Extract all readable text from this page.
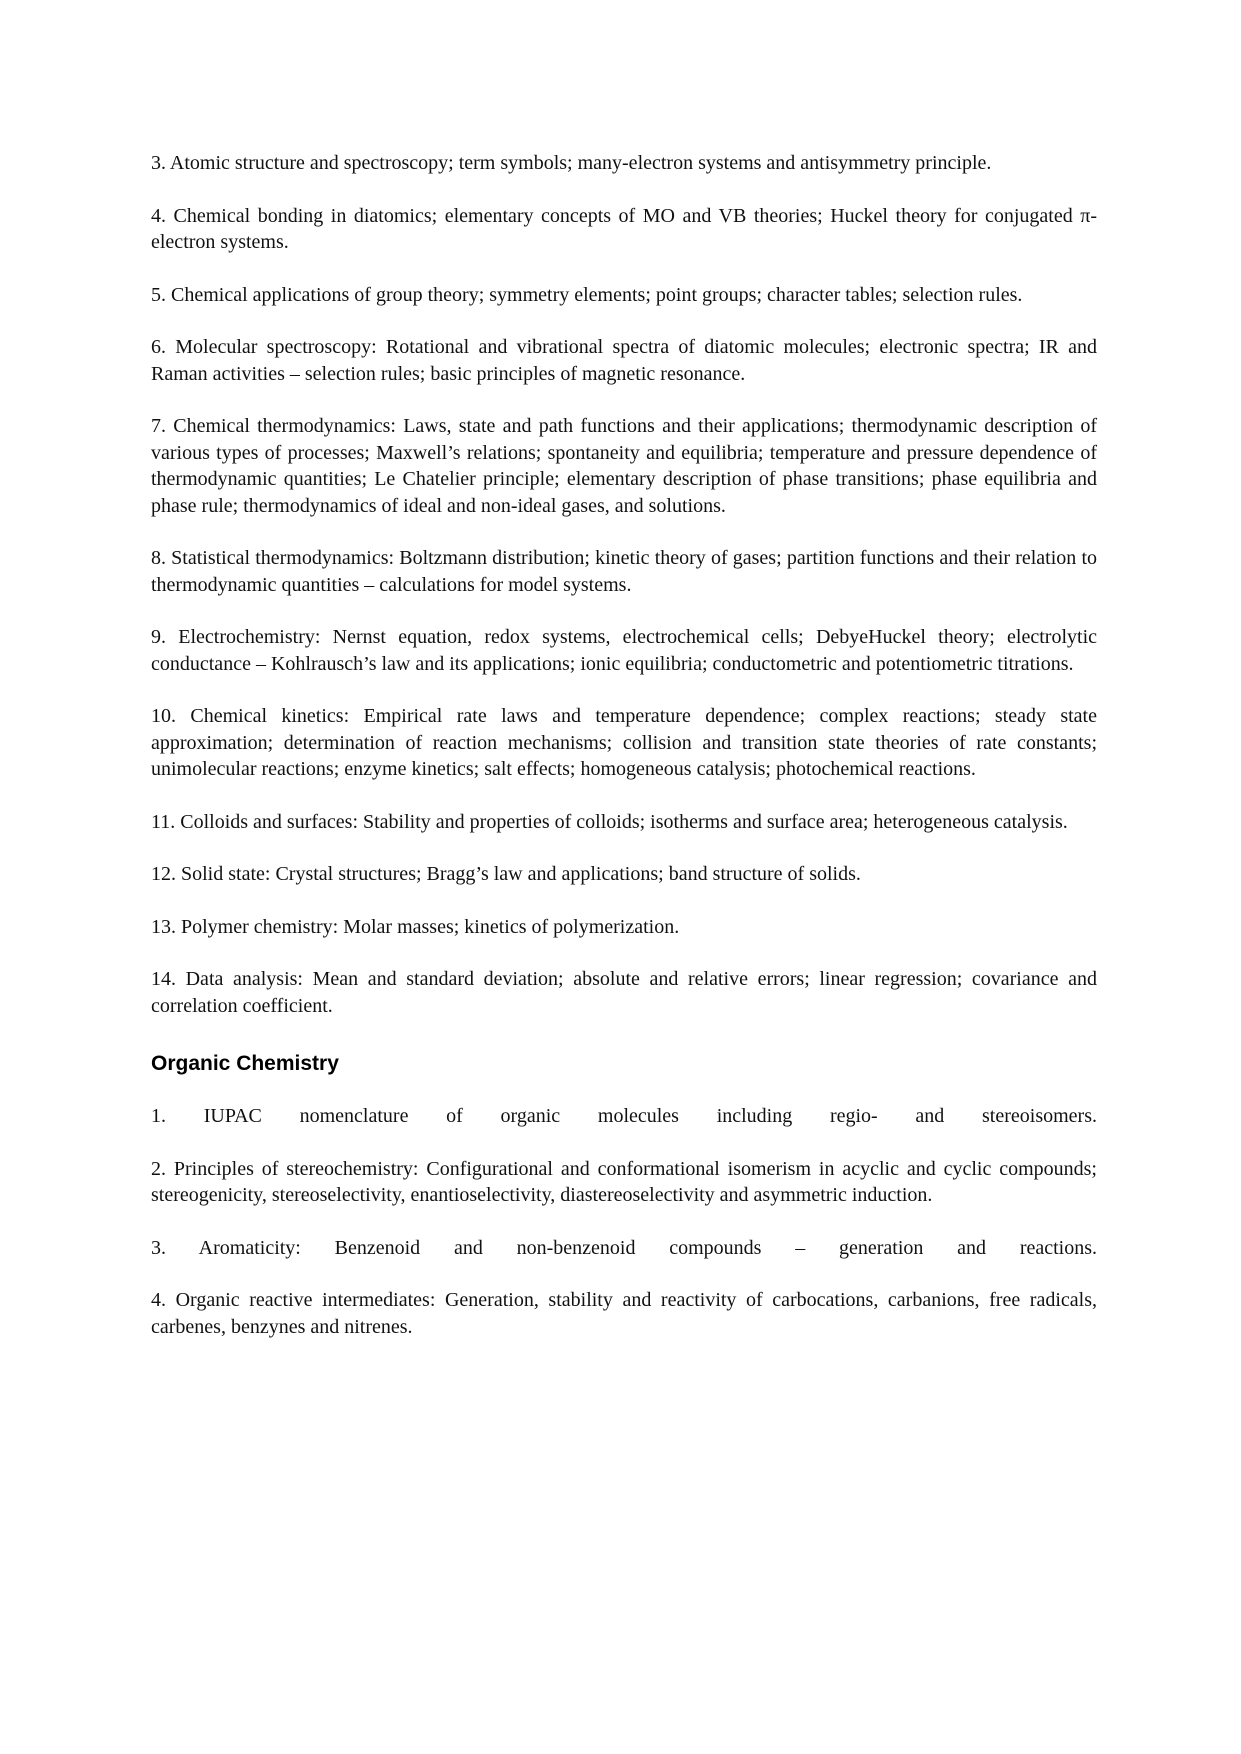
3. Atomic structure and spectroscopy; term symbols; many-electron systems and antisymmetry principle.

4. Chemical bonding in diatomics; elementary concepts of MO and VB theories; Huckel theory for conjugated π-electron systems.

5. Chemical applications of group theory; symmetry elements; point groups; character tables; selection rules.

6. Molecular spectroscopy: Rotational and vibrational spectra of diatomic molecules; electronic spectra; IR and Raman activities – selection rules; basic principles of magnetic resonance.

7. Chemical thermodynamics: Laws, state and path functions and their applications; thermodynamic description of various types of processes; Maxwell’s relations; spontaneity and equilibria; temperature and pressure dependence of thermodynamic quantities; Le Chatelier principle; elementary description of phase transitions; phase equilibria and phase rule; thermodynamics of ideal and non-ideal gases, and solutions.

8. Statistical thermodynamics: Boltzmann distribution; kinetic theory of gases; partition functions and their relation to thermodynamic quantities – calculations for model systems.

9. Electrochemistry: Nernst equation, redox systems, electrochemical cells; DebyeHuckel theory; electrolytic conductance – Kohlrausch’s law and its applications; ionic equilibria; conductometric and potentiometric titrations.

10. Chemical kinetics: Empirical rate laws and temperature dependence; complex reactions; steady state approximation; determination of reaction mechanisms; collision and transition state theories of rate constants; unimolecular reactions; enzyme kinetics; salt effects; homogeneous catalysis; photochemical reactions.

11. Colloids and surfaces: Stability and properties of colloids; isotherms and surface area; heterogeneous catalysis.

12. Solid state: Crystal structures; Bragg’s law and applications; band structure of solids.

13. Polymer chemistry: Molar masses; kinetics of polymerization.

14. Data analysis: Mean and standard deviation; absolute and relative errors; linear regression; covariance and correlation coefficient.

Organic Chemistry

1. IUPAC nomenclature of organic molecules including regio- and stereoisomers.

2. Principles of stereochemistry: Configurational and conformational isomerism in acyclic and cyclic compounds; stereogenicity, stereoselectivity, enantioselectivity, diastereoselectivity and asymmetric induction.

3. Aromaticity: Benzenoid and non-benzenoid compounds – generation and reactions.

4. Organic reactive intermediates: Generation, stability and reactivity of carbocations, carbanions, free radicals, carbenes, benzynes and nitrenes.
